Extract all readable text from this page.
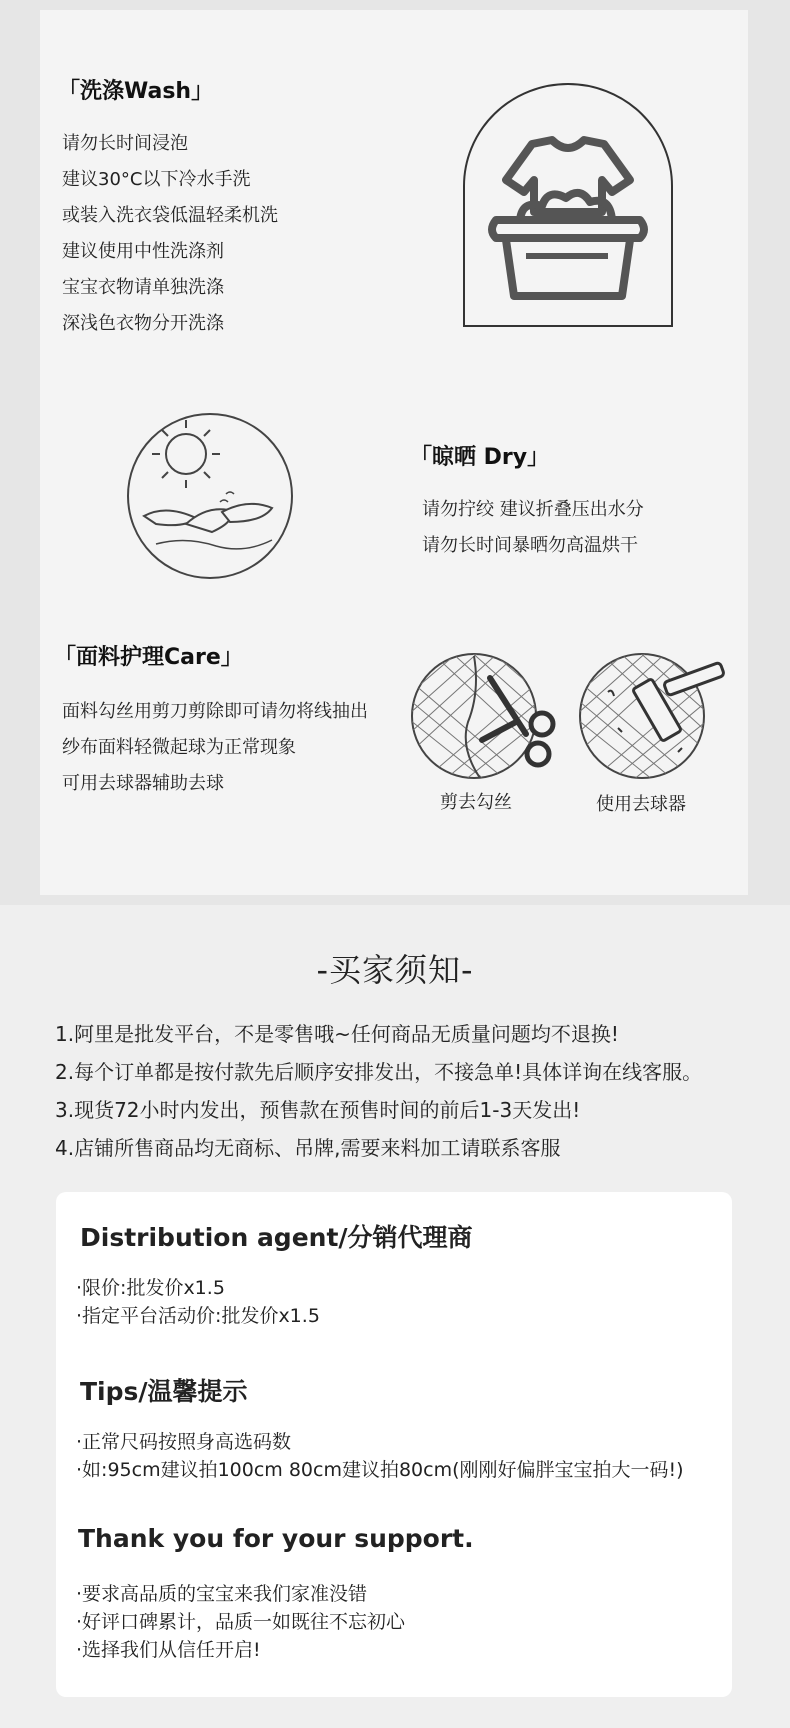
「洗涤Wash」
请勿长时间浸泡
建议30°C以下冷水手洗
或装入洗衣袋低温轻柔机洗
建议使用中性洗涤剂
宝宝衣物请单独洗涤
深浅色衣物分开洗涤
「晾晒 Dry」
请勿拧绞 建议折叠压出水分
请勿长时间暴晒勿高温烘干
「面料护理Care」
面料勾丝用剪刀剪除即可请勿将线抽出
纱布面料轻微起球为正常现象
可用去球器辅助去球
剪去勾丝	使用去球器
-买家须知-
1.阿里是批发平台，不是零售哦~任何商品无质量问题均不退换!
2.每个订单都是按付款先后顺序安排发出，不接急单!具体详询在线客服。
3.现货72小时内发出，预售款在预售时间的前后1-3天发出!
4.店铺所售商品均无商标、吊牌,需要来料加工请联系客服
Distribution agent/分销代理商
·限价:批发价x1.5
·指定平台活动价:批发价x1.5
Tips/温馨提示
·正常尺码按照身高选码数
·如:95cm建议拍100cm 80cm建议拍80cm(刚刚好偏胖宝宝拍大一码!)
Thank you for your support.
·要求高品质的宝宝来我们家准没错
·好评口碑累计，品质一如既往不忘初心
·选择我们从信任开启!
